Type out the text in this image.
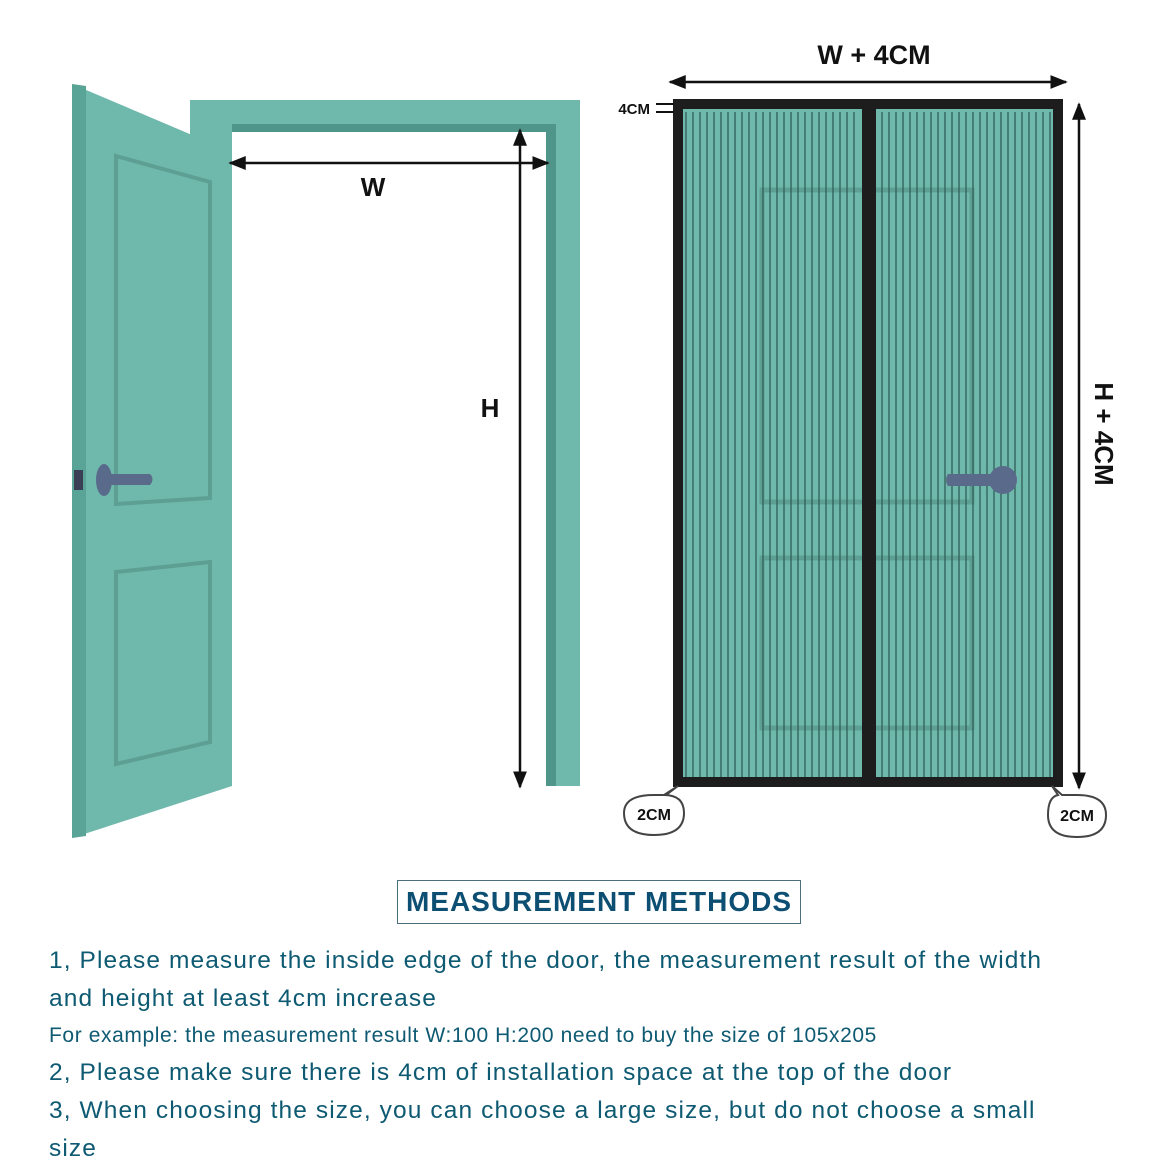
W
H
W + 4CM
4CM
H + 4CM
2CM	2CM
MEASUREMENT METHODS

1, Please measure the inside edge of the door, the measurement result of the width

and height at least 4cm increase

For example: the measurement result W:100 H:200 need to buy the size of 105x205

2, Please make sure there is 4cm of installation space at the top of the door

3, When choosing the size, you can choose a large size, but do not choose a small

size
